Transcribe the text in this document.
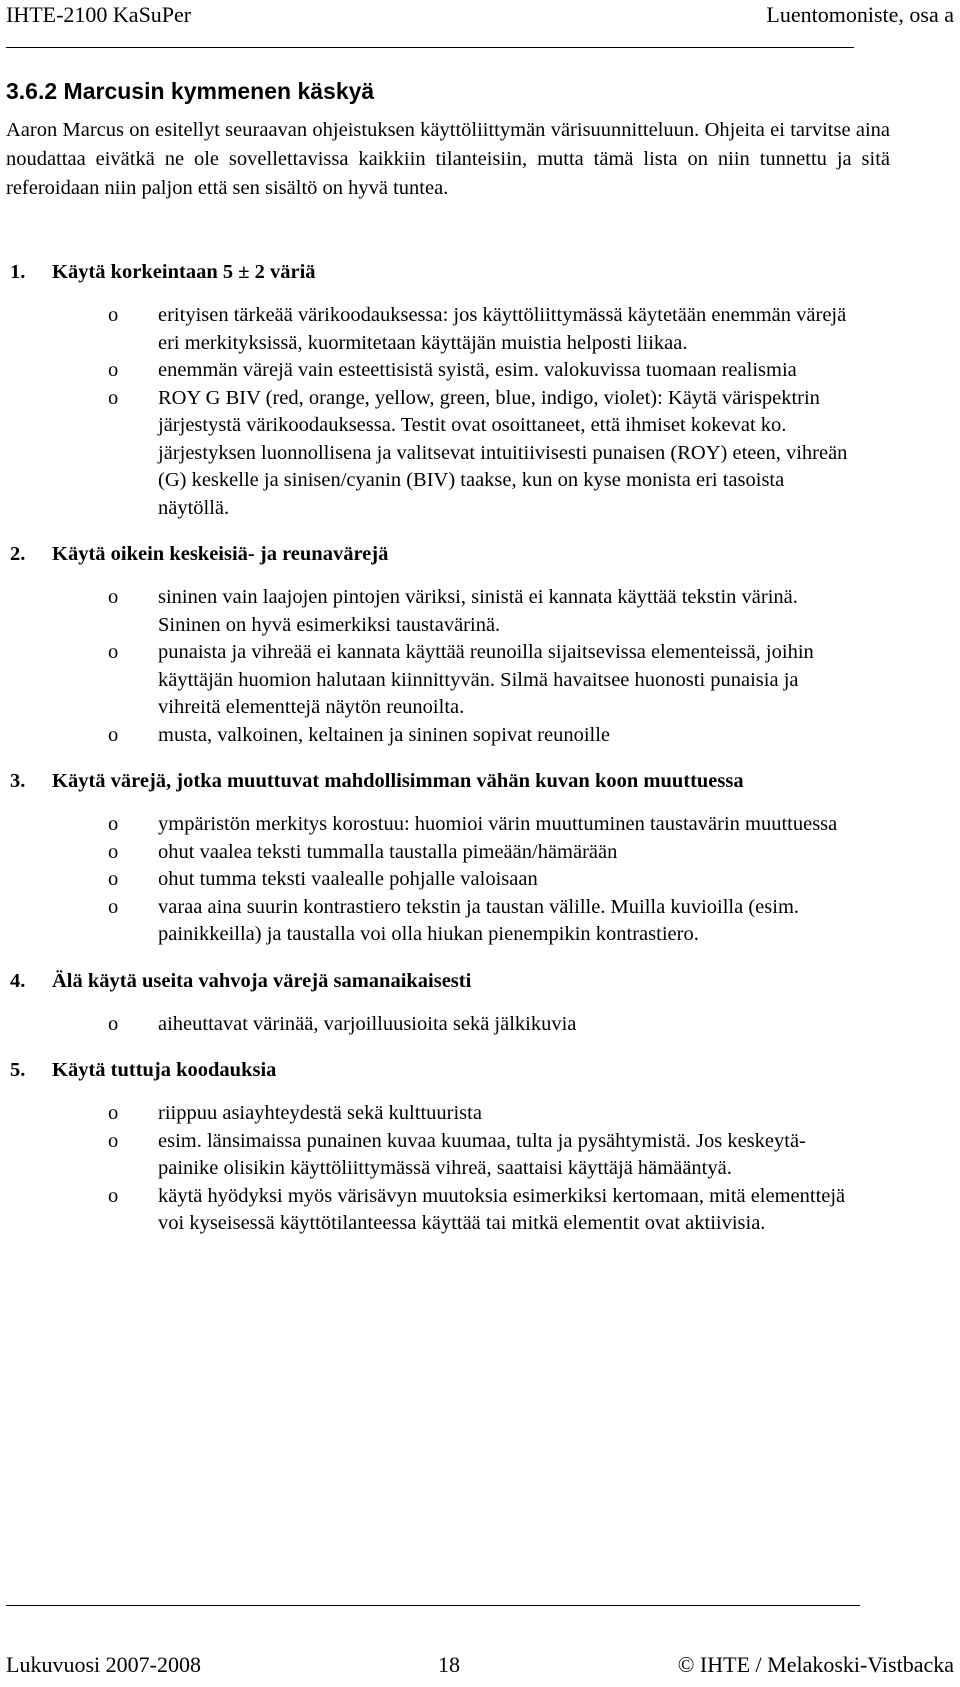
IHTE-2100 KaSuPer	Luentomoniste, osa a
3.6.2 Marcusin kymmenen käskyä
Aaron Marcus on esitellyt seuraavan ohjeistuksen käyttöliittymän värisuunnitteluun. Ohjeita ei tarvitse aina noudattaa eivätkä ne ole sovellettavissa kaikkiin tilanteisiin, mutta tämä lista on niin tunnettu ja sitä referoidaan niin paljon että sen sisältö on hyvä tuntea.
1.	Käytä korkeintaan 5 ± 2 väriä
o	erityisen tärkeää värikoodauksessa: jos käyttöliittymässä käytetään enemmän värejä eri merkityksissä, kuormitetaan käyttäjän muistia helposti liikaa.
o	enemmän värejä vain esteettisistä syistä, esim. valokuvissa tuomaan realismia
o	ROY G BIV (red, orange, yellow, green, blue, indigo, violet): Käytä värispektrin järjestystä värikoodauksessa. Testit ovat osoittaneet, että ihmiset kokevat ko. järjestyksen luonnollisena ja valitsevat intuitiivisesti punaisen (ROY) eteen, vihreän (G) keskelle ja sinisen/cyanin (BIV) taakse, kun on kyse monista eri tasoista näytöllä.
2.	Käytä oikein keskeisiä- ja reunavärejä
o	sininen vain laajojen pintojen väriksi, sinistä ei kannata käyttää tekstin värinä. Sininen on hyvä esimerkiksi taustavärinä.
o	punaista ja vihreää ei kannata käyttää reunoilla sijaitsevissa elementeissä, joihin käyttäjän huomion halutaan kiinnittyvän. Silmä havaitsee huonosti punaisia ja vihreitä elementtejä näytön reunoilta.
o	musta, valkoinen, keltainen ja sininen sopivat reunoille
3.	Käytä värejä, jotka muuttuvat mahdollisimman vähän kuvan koon muuttuessa
o	ympäristön merkitys korostuu: huomioi värin muuttuminen taustavärin muuttuessa
o	ohut vaalea teksti tummalla taustalla pimeään/hämärään
o	ohut tumma teksti vaalealle pohjalle valoisaan
o	varaa aina suurin kontrastiero tekstin ja taustan välille. Muilla kuvioilla (esim. painikkeilla) ja taustalla voi olla hiukan pienempikin kontrastiero.
4.	Älä käytä useita vahvoja värejä samanaikaisesti
o	aiheuttavat värinää, varjoilluusioita sekä jälkikuvia
5.	Käytä tuttuja koodauksia
o	riippuu asiayhteydestä sekä kulttuurista
o	esim. länsimaissa punainen kuvaa kuumaa, tulta ja pysähtymistä. Jos keskeytä-painike olisikin käyttöliittymässä vihreä, saattaisi käyttäjä hämääntyä.
o	käytä hyödyksi myös värisävyn muutoksia esimerkiksi kertomaan, mitä elementtejä voi kyseisessä käyttötilanteessa käyttää tai mitkä elementit ovat aktiivisia.
Lukuvuosi 2007-2008	18	© IHTE / Melakoski-Vistbacka
